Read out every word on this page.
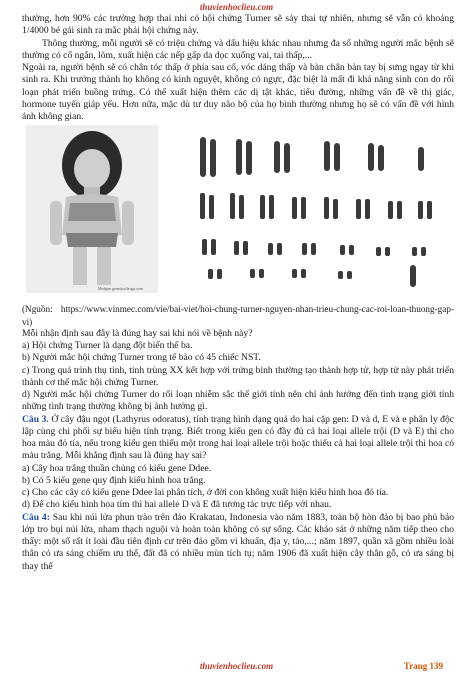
thuvienhoclieu.com

thường, hơn 90% các trường hợp thai nhi có hội chứng Turner sẽ sảy thai tự nhiên, nhưng sẽ vẫn có khoảng 1/4000 bé gái sinh ra mắc phải hội chứng này.

Thông thường, mỗi người sẽ có triệu chứng và dấu hiệu khác nhau nhưng đa số những người mắc bệnh sẽ thường có cổ ngắn, lõm, xuất hiện các nếp gấp da dọc xuống vai, tai thấp,...

Ngoài ra, người bệnh sẽ có chân tóc thấp ở phía sau cổ, vóc dáng thấp và bàn chân bàn tay bị sưng ngay từ khi sinh ra. Khi trưởng thành họ không có kinh nguyệt, không có ngực, đặc biệt là mất đi khả năng sinh con do rối loạn phát triển buồng trứng. Có thể xuất hiện thêm các dị tật khác, tiểu đường, những vấn đề về thị giác, hormone tuyến giáp yếu. Hơn nữa, mặc dù tư duy não bộ của họ bình thường nhưng họ sẽ có vấn đề với hình ảnh không gian.

Medgen genetics/drugs.com

(Nguồn: https://www.vinmec.com/vie/bai-viet/hoi-chung-turner-nguyen-nhan-trieu-chung-cac-roi-loan-thuong-gap-vi)

Mỗi nhận định sau đây là đúng hay sai khi nói về bệnh này?

a) Hội chứng Turner là dạng đột biến thể ba.

b) Người mắc hội chứng Turner trong tế bào có 45 chiếc NST.

c) Trong quá trình thụ tinh, tinh trùng XX kết hợp với trứng bình thường tạo thành hợp tử, hợp tử này phát triển thành cơ thể mắc hội chứng Turner.

d) Người mắc hội chứng Turner do rối loạn nhiễm sắc thể giới tính nên chỉ ảnh hưởng đến tình trạng giới tính những tình trạng thường không bị ảnh hưởng gì.

Câu 3. Ở cây đậu ngọt (Lathyrus odoratus), tính trạng hình dạng quả do hai cặp gen: D và d, E và e phân ly độc lập cùng chi phối sự biểu hiện tính trạng. Biết trong kiểu gen có đầy đủ cả hai loại allele trội (D và E) thì cho hoa màu đỏ tía, nếu trong kiểu gen thiếu một trong hai loại allele trội hoặc thiếu cả hai loại allele trội thì hoa có màu trắng. Mỗi khẳng định sau là đúng hay sai?

a) Cây hoa trắng thuần chủng có kiểu gene Ddee.

b) Có 5 kiểu gene quy định kiểu hình hoa trắng.

c) Cho các cây có kiểu gene Ddee lai phân tích, ở đời con không xuất hiện kiểu hình hoa đỏ tía.

d) Để cho kiểu hình hoa tím thì hai allele D và E đã tương tác trực tiếp với nhau.

Câu 4: Sau khi núi lửa phun trào trên đảo Krakatau, Indonesia vào năm 1883, toàn bộ hòn đảo bị bao phủ bảo lớp tro bụi núi lửa, nham thạch nguội và hoàn toàn không có sự sống. Các khảo sát ở những năm tiếp theo cho thấy: một số rất ít loài đầu tiên định cư trên đảo gồm vi khuẩn, địa y, tảo,...; năm 1897, quần xã gồm nhiều loài thân cỏ ưa sáng chiếm ưu thế, đất đã có nhiều mùn tích tụ; năm 1906 đã xuất hiện cây thân gỗ, cỏ ưa sáng bị thay thế

thuvienhoclieu.com	Trang 139
